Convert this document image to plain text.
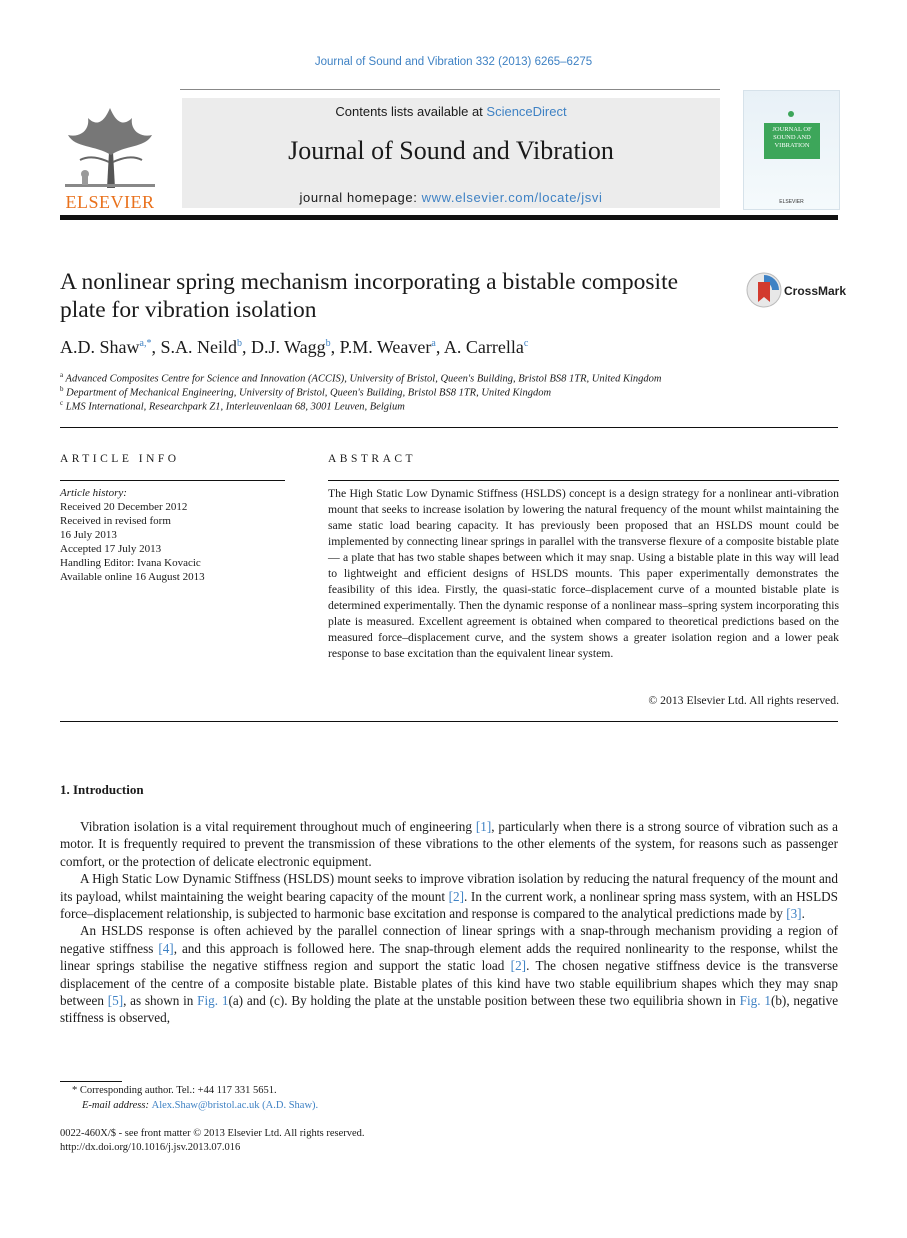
Journal of Sound and Vibration 332 (2013) 6265–6275
ELSEVIER
Contents lists available at ScienceDirect
Journal of Sound and Vibration
journal homepage: www.elsevier.com/locate/jsvi
JOURNAL OF SOUND AND VIBRATION
ELSEVIER
A nonlinear spring mechanism incorporating a bistable composite plate for vibration isolation
CrossMark
A.D. Shaw$^{a,*}$, S.A. Neild$^b$, D.J. Wagg$^b$, P.M. Weaver$^a$, A. Carrella$^c$
$^a$ Advanced Composites Centre for Science and Innovation (ACCIS), University of Bristol, Queen's Building, Bristol BS8 1TR, United Kingdom
$^b$ Department of Mechanical Engineering, University of Bristol, Queen's Building, Bristol BS8 1TR, United Kingdom
$^c$ LMS International, Researchpark Z1, Interleuvenlaan 68, 3001 Leuven, Belgium
ARTICLE INFO	ABSTRACT
Article history:
Received 20 December 2012
Received in revised form
16 July 2013
Accepted 17 July 2013
Handling Editor: Ivana Kovacic
Available online 16 August 2013
The High Static Low Dynamic Stiffness (HSLDS) concept is a design strategy for a nonlinear anti-vibration mount that seeks to increase isolation by lowering the natural frequency of the mount whilst maintaining the same static load bearing capacity. It has previously been proposed that an HSLDS mount could be implemented by connecting linear springs in parallel with the transverse flexure of a composite bistable plate — a plate that has two stable shapes between which it may snap. Using a bistable plate in this way will lead to lightweight and efficient designs of HSLDS mounts. This paper experimentally demonstrates the feasibility of this idea. Firstly, the quasi-static force–displacement curve of a mounted bistable plate is determined experimentally. Then the dynamic response of a nonlinear mass–spring system incorporating this plate is measured. Excellent agreement is obtained when compared to theoretical predictions based on the measured force–displacement curve, and the system shows a greater isolation region and a lower peak response to base excitation than the equivalent linear system.
© 2013 Elsevier Ltd. All rights reserved.
1. Introduction

Vibration isolation is a vital requirement throughout much of engineering [1], particularly when there is a strong source of vibration such as a motor. It is frequently required to prevent the transmission of these vibrations to the other elements of the system, for reasons such as passenger comfort, or the protection of delicate electronic equipment.

A High Static Low Dynamic Stiffness (HSLDS) mount seeks to improve vibration isolation by reducing the natural frequency of the mount and its payload, whilst maintaining the weight bearing capacity of the mount [2]. In the current work, a nonlinear spring mass system, with an HSLDS force–displacement relationship, is subjected to harmonic base excitation and response is compared to the analytical predictions made by [3].

An HSLDS response is often achieved by the parallel connection of linear springs with a snap-through mechanism providing a region of negative stiffness [4], and this approach is followed here. The snap-through element adds the required nonlinearity to the response, whilst the linear springs stabilise the negative stiffness region and support the static load [2]. The chosen negative stiffness device is the transverse displacement of the centre of a composite bistable plate. Bistable plates of this kind have two stable equilibrium shapes which they may snap between [5], as shown in Fig. 1(a) and (c). By holding the plate at the unstable position between these two equilibria shown in Fig. 1(b), negative stiffness is observed,

* Corresponding author. Tel.: +44 117 331 5651.
E-mail address: Alex.Shaw@bristol.ac.uk (A.D. Shaw).
0022-460X/$ - see front matter © 2013 Elsevier Ltd. All rights reserved.
http://dx.doi.org/10.1016/j.jsv.2013.07.016
